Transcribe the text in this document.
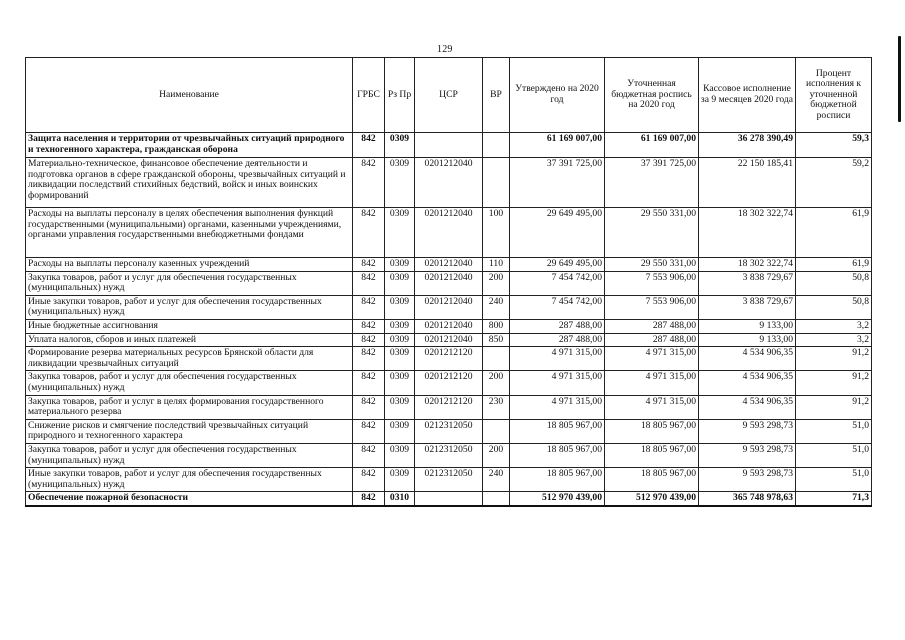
129
Наименование	ГРБС	Рз Пр	ЦСР	ВР	Утверждено на 2020 год	Уточненная бюджетная роспись на 2020 год	Кассовое исполнение за 9 месяцев 2020 года	Процент исполнения к уточненной бюджетной росписи
Защита населения и территории от чрезвычайных ситуаций природного и техногенного характера, гражданская оборона	842	0309			61 169 007,00	61 169 007,00	36 278 390,49	59,3
Материально-техническое, финансовое обеспечение деятельности и подготовка органов в сфере гражданской обороны, чрезвычайных ситуаций и ликвидации последствий стихийных бедствий, войск и иных воинских формирований	842	0309	0201212040		37 391 725,00	37 391 725,00	22 150 185,41	59,2
Расходы на выплаты персоналу в целях обеспечения выполнения функций государственными (муниципальными) органами, казенными учреждениями, органами управления государственными внебюджетными фондами	842	0309	0201212040	100	29 649 495,00	29 550 331,00	18 302 322,74	61,9
Расходы на выплаты персоналу казенных учреждений	842	0309	0201212040	110	29 649 495,00	29 550 331,00	18 302 322,74	61,9
Закупка товаров, работ и услуг для обеспечения государственных (муниципальных) нужд	842	0309	0201212040	200	7 454 742,00	7 553 906,00	3 838 729,67	50,8
Иные закупки товаров, работ и услуг для обеспечения государственных (муниципальных) нужд	842	0309	0201212040	240	7 454 742,00	7 553 906,00	3 838 729,67	50,8
Иные бюджетные ассигнования	842	0309	0201212040	800	287 488,00	287 488,00	9 133,00	3,2
Уплата налогов, сборов и иных платежей	842	0309	0201212040	850	287 488,00	287 488,00	9 133,00	3,2
Формирование резерва материальных ресурсов Брянской области для ликвидации чрезвычайных ситуаций	842	0309	0201212120		4 971 315,00	4 971 315,00	4 534 906,35	91,2
Закупка товаров, работ и услуг для обеспечения государственных (муниципальных) нужд	842	0309	0201212120	200	4 971 315,00	4 971 315,00	4 534 906,35	91,2
Закупка товаров, работ и услуг в целях формирования государственного материального резерва	842	0309	0201212120	230	4 971 315,00	4 971 315,00	4 534 906,35	91,2
Снижение рисков и смягчение последствий чрезвычайных ситуаций природного и техногенного характера	842	0309	0212312050		18 805 967,00	18 805 967,00	9 593 298,73	51,0
Закупка товаров, работ и услуг для обеспечения государственных (муниципальных) нужд	842	0309	0212312050	200	18 805 967,00	18 805 967,00	9 593 298,73	51,0
Иные закупки товаров, работ и услуг для обеспечения государственных (муниципальных) нужд	842	0309	0212312050	240	18 805 967,00	18 805 967,00	9 593 298,73	51,0
Обеспечение пожарной безопасности	842	0310			512 970 439,00	512 970 439,00	365 748 978,63	71,3
